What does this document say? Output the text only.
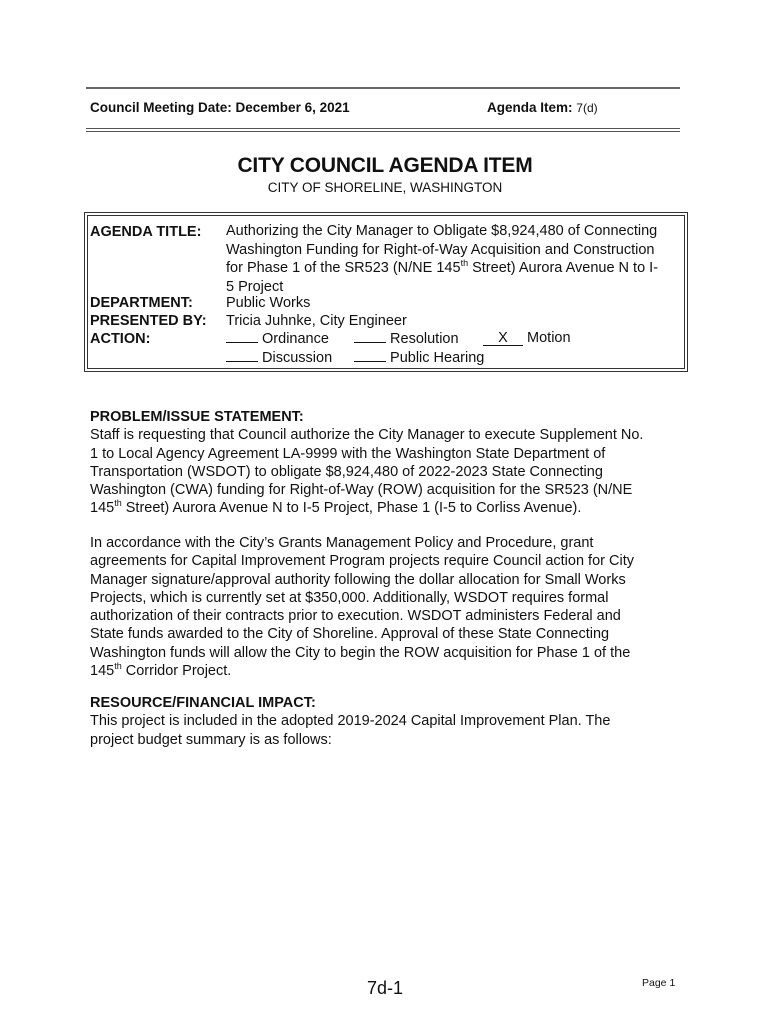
Council Meeting Date: December 6, 2021	Agenda Item: 7(d)
CITY COUNCIL AGENDA ITEM
CITY OF SHORELINE, WASHINGTON
AGENDA TITLE: Authorizing the City Manager to Obligate $8,924,480 of Connecting
Washington Funding for Right-of-Way Acquisition and Construction
for Phase 1 of the SR523 (N/NE 145th Street) Aurora Avenue N to I-
5 Project
DEPARTMENT: Public Works
PRESENTED BY: Tricia Juhnke, City Engineer
ACTION:	Ordinance	Resolution	X Motion
Discussion	Public Hearing
PROBLEM/ISSUE STATEMENT:
Staff is requesting that Council authorize the City Manager to execute Supplement No.
1 to Local Agency Agreement LA-9999 with the Washington State Department of
Transportation (WSDOT) to obligate $8,924,480 of 2022-2023 State Connecting
Washington (CWA) funding for Right-of-Way (ROW) acquisition for the SR523 (N/NE
145th Street) Aurora Avenue N to I-5 Project, Phase 1 (I-5 to Corliss Avenue).
In accordance with the City’s Grants Management Policy and Procedure, grant
agreements for Capital Improvement Program projects require Council action for City
Manager signature/approval authority following the dollar allocation for Small Works
Projects, which is currently set at $350,000. Additionally, WSDOT requires formal
authorization of their contracts prior to execution. WSDOT administers Federal and
State funds awarded to the City of Shoreline. Approval of these State Connecting
Washington funds will allow the City to begin the ROW acquisition for Phase 1 of the
145th Corridor Project.
RESOURCE/FINANCIAL IMPACT:
This project is included in the adopted 2019-2024 Capital Improvement Plan. The
project budget summary is as follows:
7d-1	Page 1
